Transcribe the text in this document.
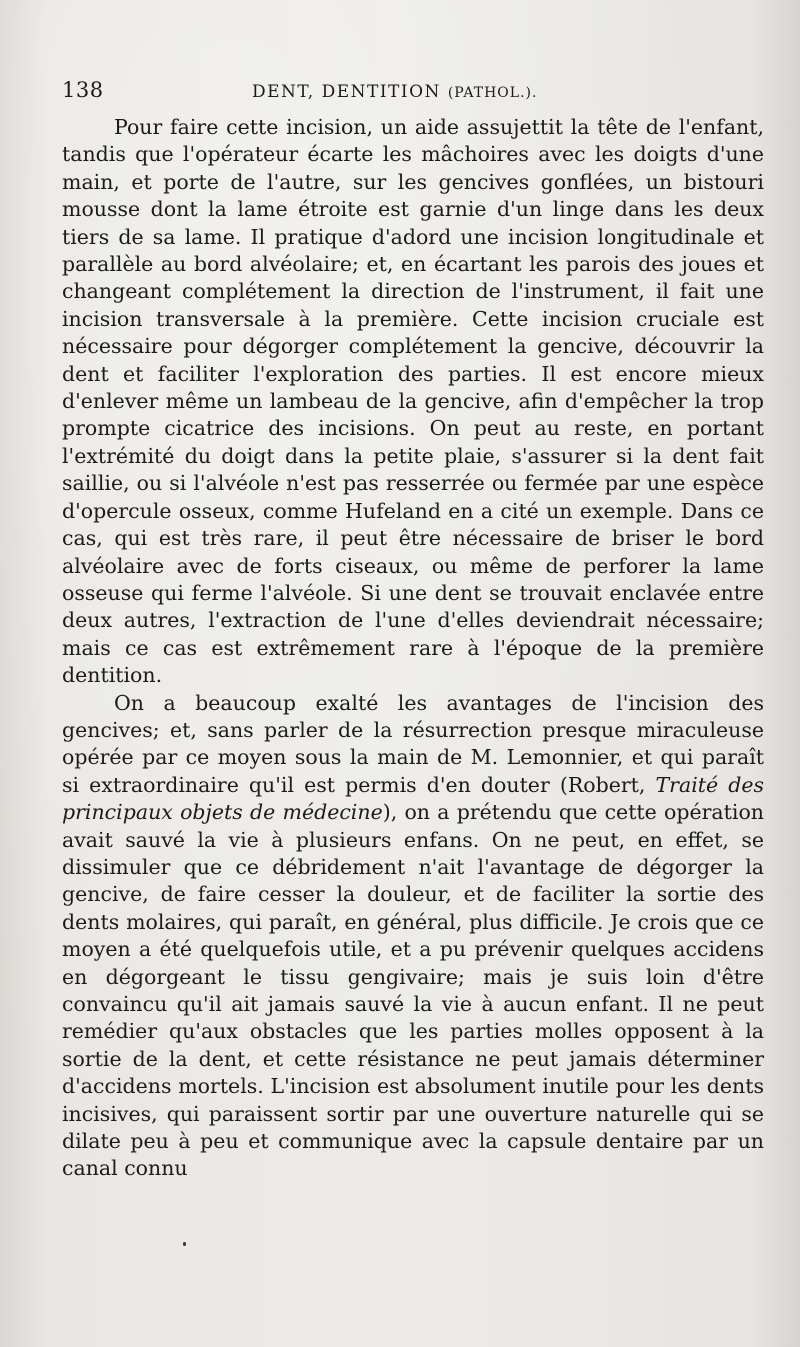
138	DENT, DENTITION (PATHOL.).

Pour faire cette incision, un aide assujettit la tête de l'enfant, tandis que l'opérateur écarte les mâchoires avec les doigts d'une main, et porte de l'autre, sur les gencives gonflées, un bistouri mousse dont la lame étroite est garnie d'un linge dans les deux tiers de sa lame. Il pratique d'adord une incision longitudinale et parallèle au bord alvéolaire; et, en écartant les parois des joues et changeant complétement la direction de l'instrument, il fait une incision transversale à la première. Cette incision cruciale est nécessaire pour dégorger complétement la gencive, découvrir la dent et faciliter l'exploration des parties. Il est encore mieux d'enlever même un lambeau de la gencive, afin d'empêcher la trop prompte cicatrice des incisions. On peut au reste, en portant l'extrémité du doigt dans la petite plaie, s'assurer si la dent fait saillie, ou si l'alvéole n'est pas resserrée ou fermée par une espèce d'opercule osseux, comme Hufeland en a cité un exemple. Dans ce cas, qui est très rare, il peut être nécessaire de briser le bord alvéolaire avec de forts ciseaux, ou même de perforer la lame osseuse qui ferme l'alvéole. Si une dent se trouvait enclavée entre deux autres, l'extraction de l'une d'elles deviendrait nécessaire; mais ce cas est extrêmement rare à l'époque de la première dentition.

On a beaucoup exalté les avantages de l'incision des gencives; et, sans parler de la résurrection presque miraculeuse opérée par ce moyen sous la main de M. Lemonnier, et qui paraît si extraordinaire qu'il est permis d'en douter (Robert, Traité des principaux objets de médecine), on a prétendu que cette opération avait sauvé la vie à plusieurs enfans. On ne peut, en effet, se dissimuler que ce débridement n'ait l'avantage de dégorger la gencive, de faire cesser la douleur, et de faciliter la sortie des dents molaires, qui paraît, en général, plus difficile. Je crois que ce moyen a été quelquefois utile, et a pu prévenir quelques accidens en dégorgeant le tissu gengivaire; mais je suis loin d'être convaincu qu'il ait jamais sauvé la vie à aucun enfant. Il ne peut remédier qu'aux obstacles que les parties molles opposent à la sortie de la dent, et cette résistance ne peut jamais déterminer d'accidens mortels. L'incision est absolument inutile pour les dents incisives, qui paraissent sortir par une ouverture naturelle qui se dilate peu à peu et communique avec la capsule dentaire par un canal connu
